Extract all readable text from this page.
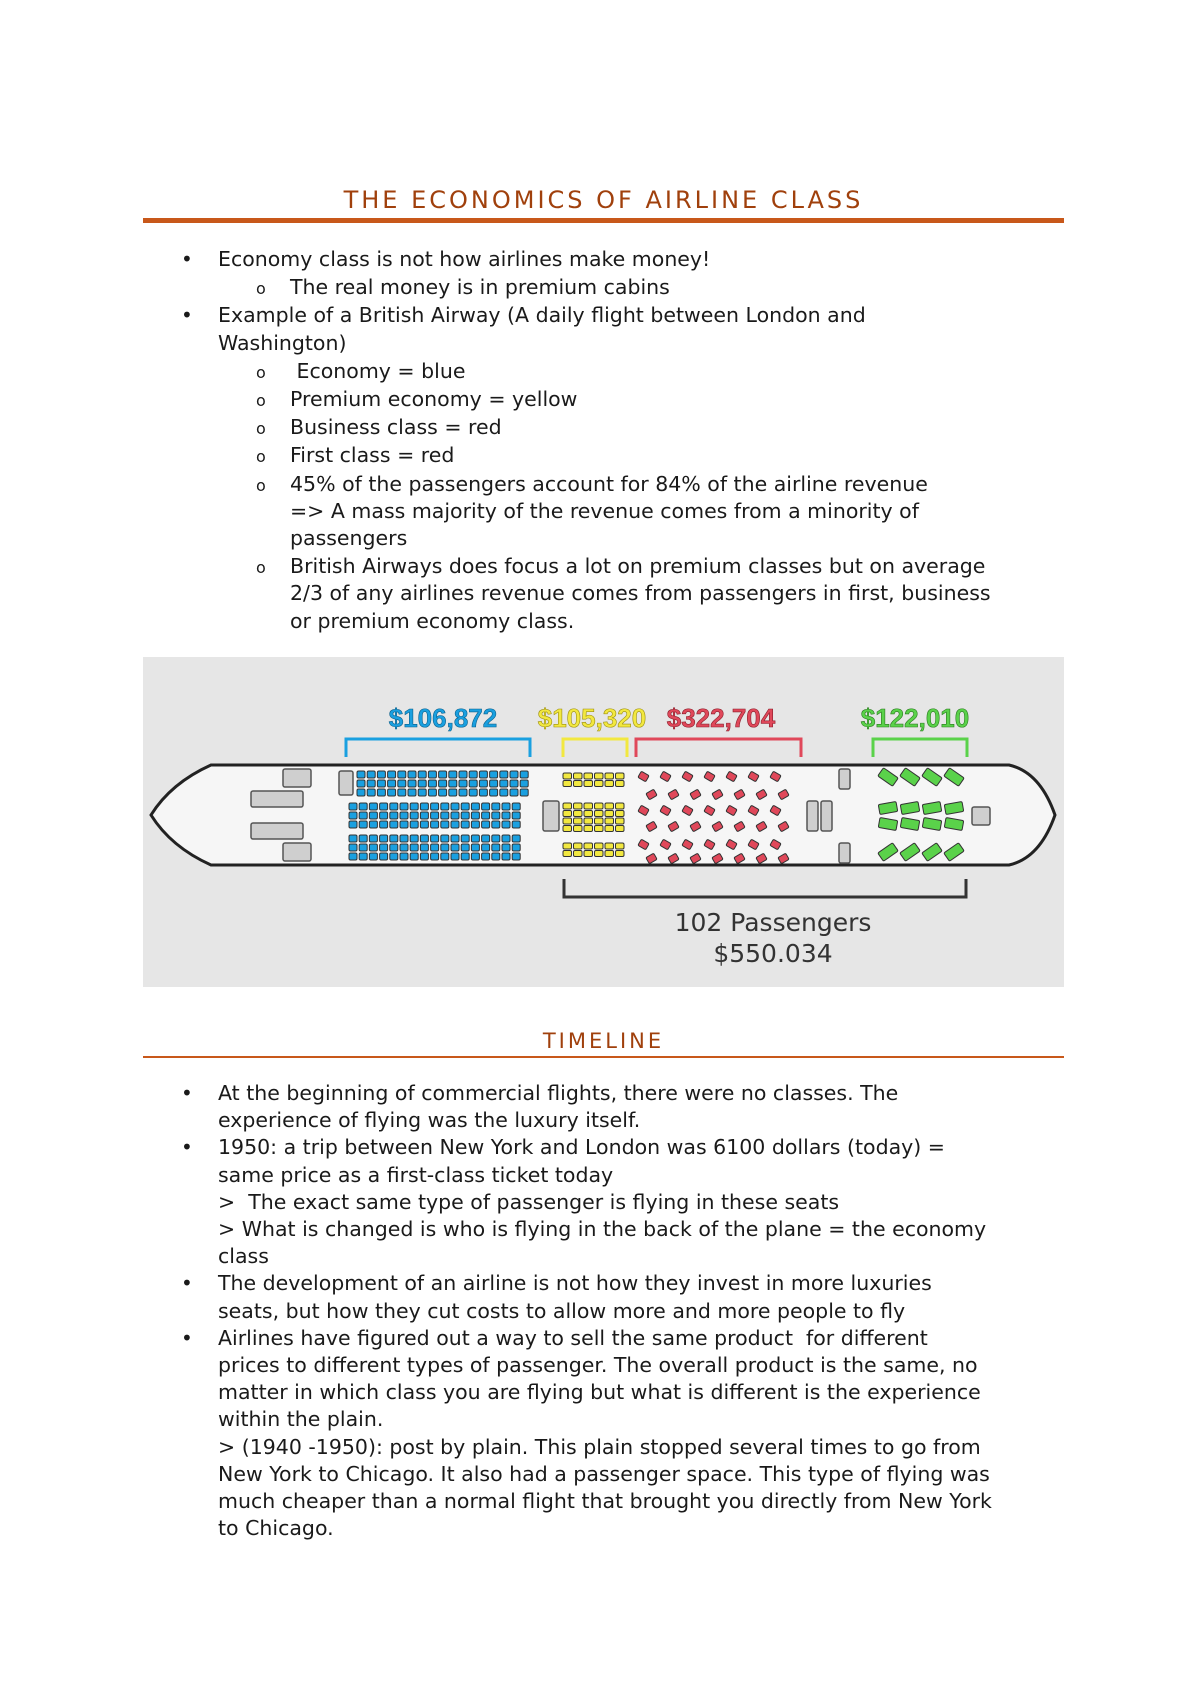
THE ECONOMICS OF AIRLINE CLASS
• Economy class is not how airlines make money!
o The real money is in premium cabins
• Example of a British Airway (A daily flight between London and
Washington)
o Economy = blue
o Premium economy = yellow
o Business class = red
o First class = red
o 45% of the passengers account for 84% of the airline revenue
=> A mass majority of the revenue comes from a minority of
passengers
o British Airways does focus a lot on premium classes but on average
2/3 of any airlines revenue comes from passengers in first, business
or premium economy class.
$106,872 $105,320 $322,704	$122,010
102 Passengers
$550.034
TIMELINE
• At the beginning of commercial flights, there were no classes. The
experience of flying was the luxury itself.
• 1950: a trip between New York and London was 6100 dollars (today) =
same price as a first-class ticket today
>  The exact same type of passenger is flying in these seats
> What is changed is who is flying in the back of the plane = the economy
class
• The development of an airline is not how they invest in more luxuries
seats, but how they cut costs to allow more and more people to fly
• Airlines have figured out a way to sell the same product  for different
prices to different types of passenger. The overall product is the same, no
matter in which class you are flying but what is different is the experience
within the plain.
> (1940 -1950): post by plain. This plain stopped several times to go from
New York to Chicago. It also had a passenger space. This type of flying was
much cheaper than a normal flight that brought you directly from New York
to Chicago.
